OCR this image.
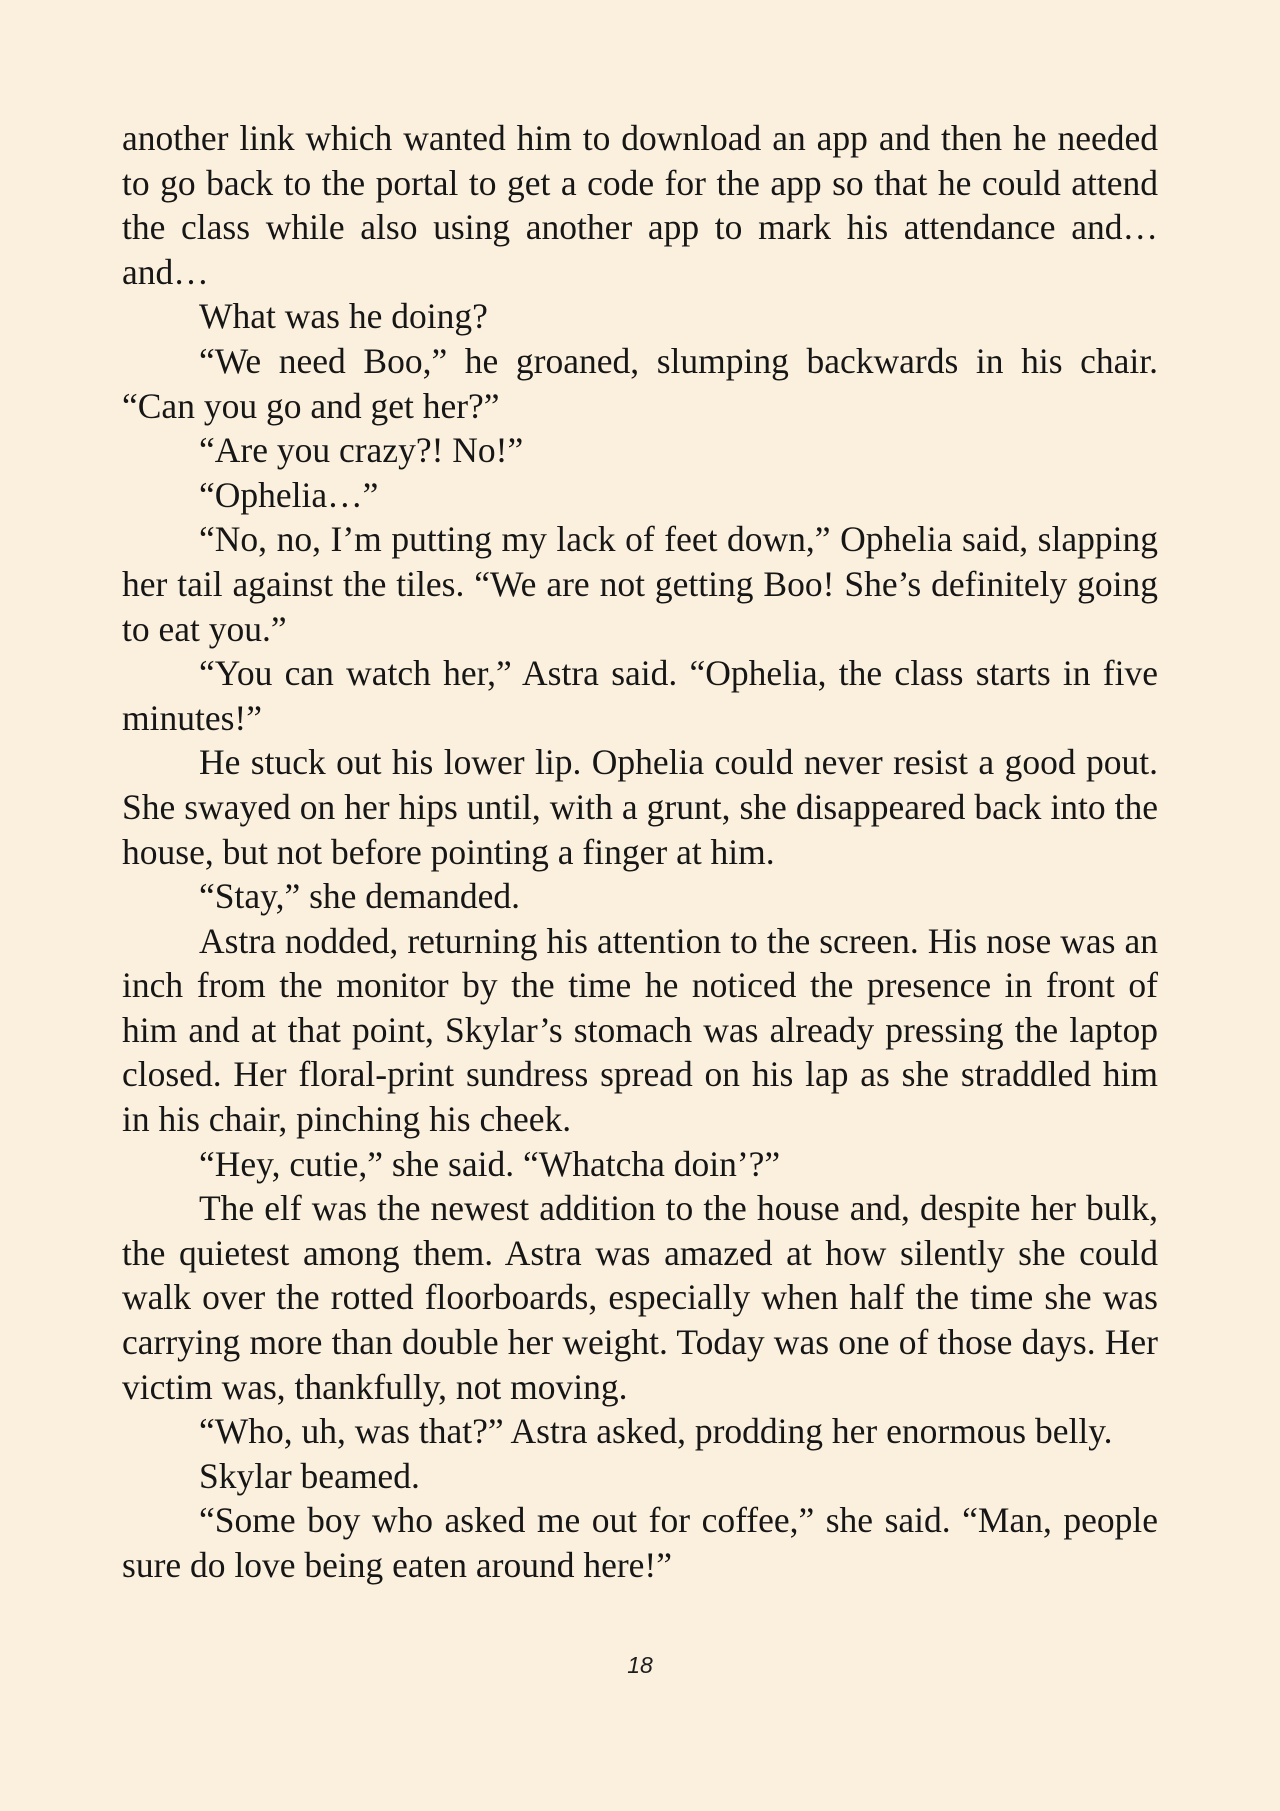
another link which wanted him to download an app and then he needed to go back to the portal to get a code for the app so that he could attend the class while also using another app to mark his attendance and…and…

What was he doing?

“We need Boo,” he groaned, slumping backwards in his chair. “Can you go and get her?”

“Are you crazy?! No!”

“Ophelia…”

“No, no, I’m putting my lack of feet down,” Ophelia said, slapping her tail against the tiles. “We are not getting Boo! She’s definitely going to eat you.”

“You can watch her,” Astra said. “Ophelia, the class starts in five minutes!”

He stuck out his lower lip. Ophelia could never resist a good pout. She swayed on her hips until, with a grunt, she disappeared back into the house, but not before pointing a finger at him.

“Stay,” she demanded.

Astra nodded, returning his attention to the screen. His nose was an inch from the monitor by the time he noticed the presence in front of him and at that point, Skylar’s stomach was already pressing the laptop closed. Her floral-print sundress spread on his lap as she straddled him in his chair, pinching his cheek.

“Hey, cutie,” she said. “Whatcha doin’?”

The elf was the newest addition to the house and, despite her bulk, the quietest among them. Astra was amazed at how silently she could walk over the rotted floorboards, especially when half the time she was carrying more than double her weight. Today was one of those days. Her victim was, thankfully, not moving.

“Who, uh, was that?” Astra asked, prodding her enormous belly.

Skylar beamed.

“Some boy who asked me out for coffee,” she said. “Man, people sure do love being eaten around here!”

18
